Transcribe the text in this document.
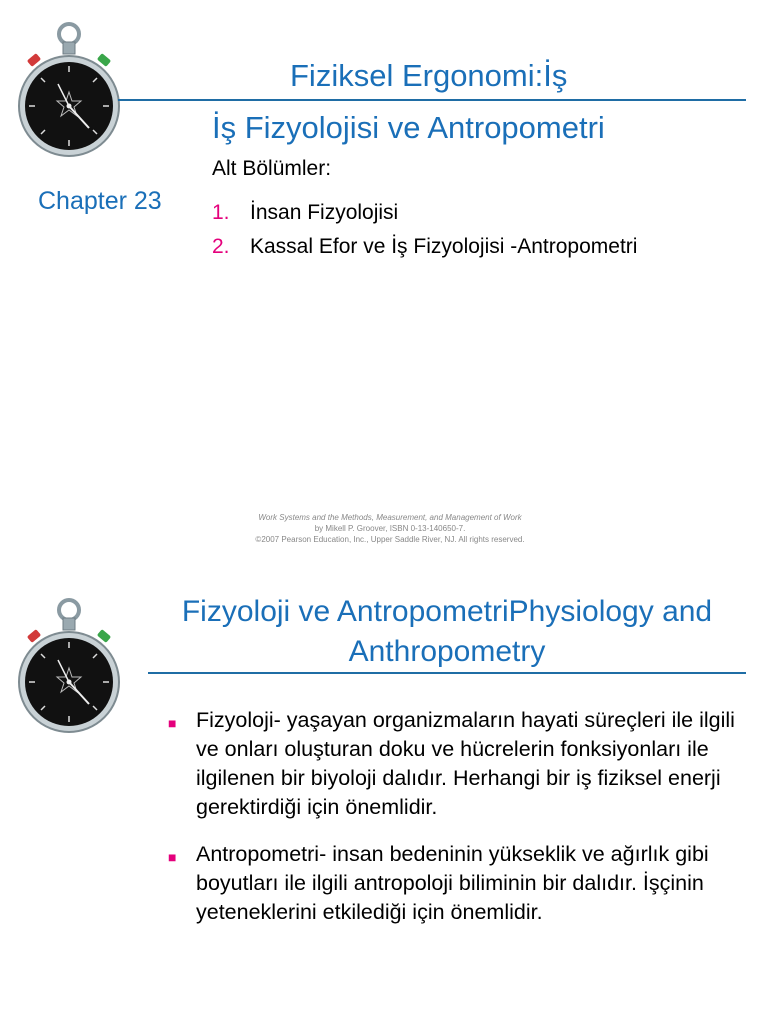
Fiziksel Ergonomi:İş
İş Fizyolojisi ve Antropometri
Chapter 23
Alt Bölümler:
1. İnsan Fizyolojisi
2. Kassal Efor ve İş Fizyolojisi -Antropometri
Work Systems and the Methods, Measurement, and Management of Work
by Mikell P. Groover, ISBN 0-13-140650-7.
©2007 Pearson Education, Inc., Upper Saddle River, NJ. All rights reserved.
Fizyoloji ve AntropometriPhysiology and Anthropometry
■ Fizyoloji- yaşayan organizmaların hayati süreçleri ile ilgili ve onları oluşturan doku ve hücrelerin fonksiyonları ile ilgilenen bir biyoloji dalıdır. Herhangi bir iş fiziksel enerji gerektirdiği için önemlidir.
■ Antropometri- insan bedeninin yükseklik ve ağırlık gibi boyutları ile ilgili antropoloji biliminin bir dalıdır. İşçinin yeteneklerini etkilediği için önemlidir.
